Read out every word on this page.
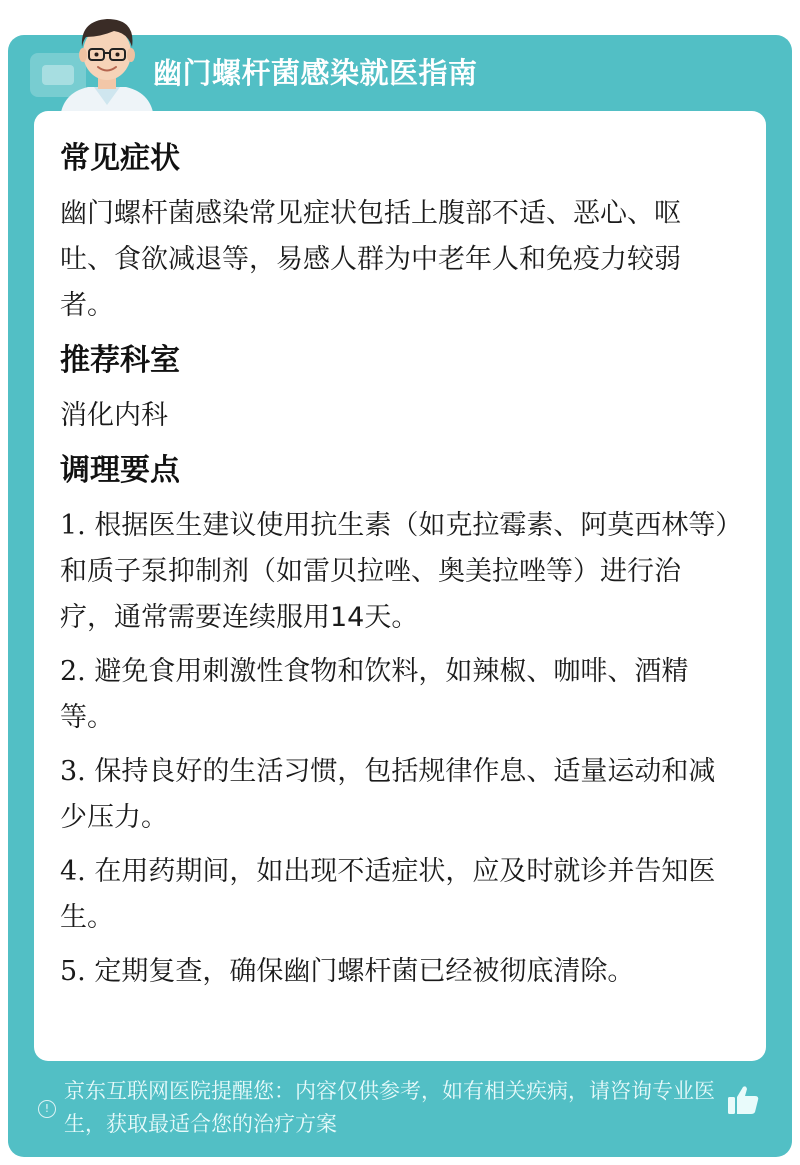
幽门螺杆菌感染就医指南
常见症状
幽门螺杆菌感染常见症状包括上腹部不适、恶心、呕吐、食欲减退等，易感人群为中老年人和免疫力较弱者。
推荐科室
消化内科
调理要点
1. 根据医生建议使用抗生素（如克拉霉素、阿莫西林等）和质子泵抑制剂（如雷贝拉唑、奥美拉唑等）进行治疗，通常需要连续服用14天。
2. 避免食用刺激性食物和饮料，如辣椒、咖啡、酒精等。
3. 保持良好的生活习惯，包括规律作息、适量运动和减少压力。
4. 在用药期间，如出现不适症状，应及时就诊并告知医生。
5. 定期复查，确保幽门螺杆菌已经被彻底清除。
!
京东互联网医院提醒您：内容仅供参考，如有相关疾病，请咨询专业医生，获取最适合您的治疗方案
